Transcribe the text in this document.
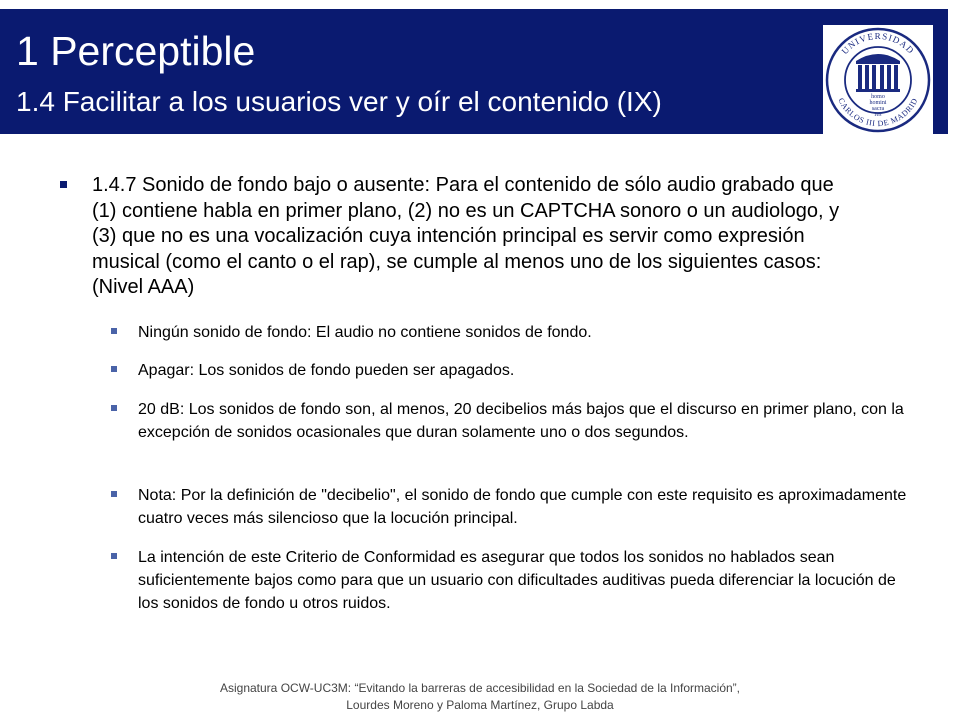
1 Perceptible
1.4 Facilitar a los usuarios ver y oír el contenido (IX)
UNIVERSIDAD
CARLOS III DE MADRID
homo
homini
sacra
res
1.4.7 Sonido de fondo bajo o ausente: Para el contenido de sólo audio grabado que (1) contiene habla en primer plano, (2) no es un CAPTCHA sonoro o un audiologo, y (3) que no es una vocalización cuya intención principal es servir como expresión musical (como el canto o el rap), se cumple al menos uno de los siguientes casos: (Nivel AAA)
Ningún sonido de fondo: El audio no contiene sonidos de fondo.
Apagar: Los sonidos de fondo pueden ser apagados.
20 dB: Los sonidos de fondo son, al menos, 20 decibelios más bajos que el discurso en primer plano, con la excepción de sonidos ocasionales que duran solamente uno o dos segundos.
Nota: Por la definición de "decibelio", el sonido de fondo que cumple con este requisito es aproximadamente cuatro veces más silencioso que la locución principal.
La intención de este Criterio de Conformidad es asegurar que todos los sonidos no hablados sean suficientemente bajos como para que un usuario con dificultades auditivas pueda diferenciar la locución de los sonidos de fondo u otros ruidos.
Asignatura OCW-UC3M: “Evitando la barreras de accesibilidad en la Sociedad de la Información”,
Lourdes Moreno y Paloma Martínez, Grupo Labda
